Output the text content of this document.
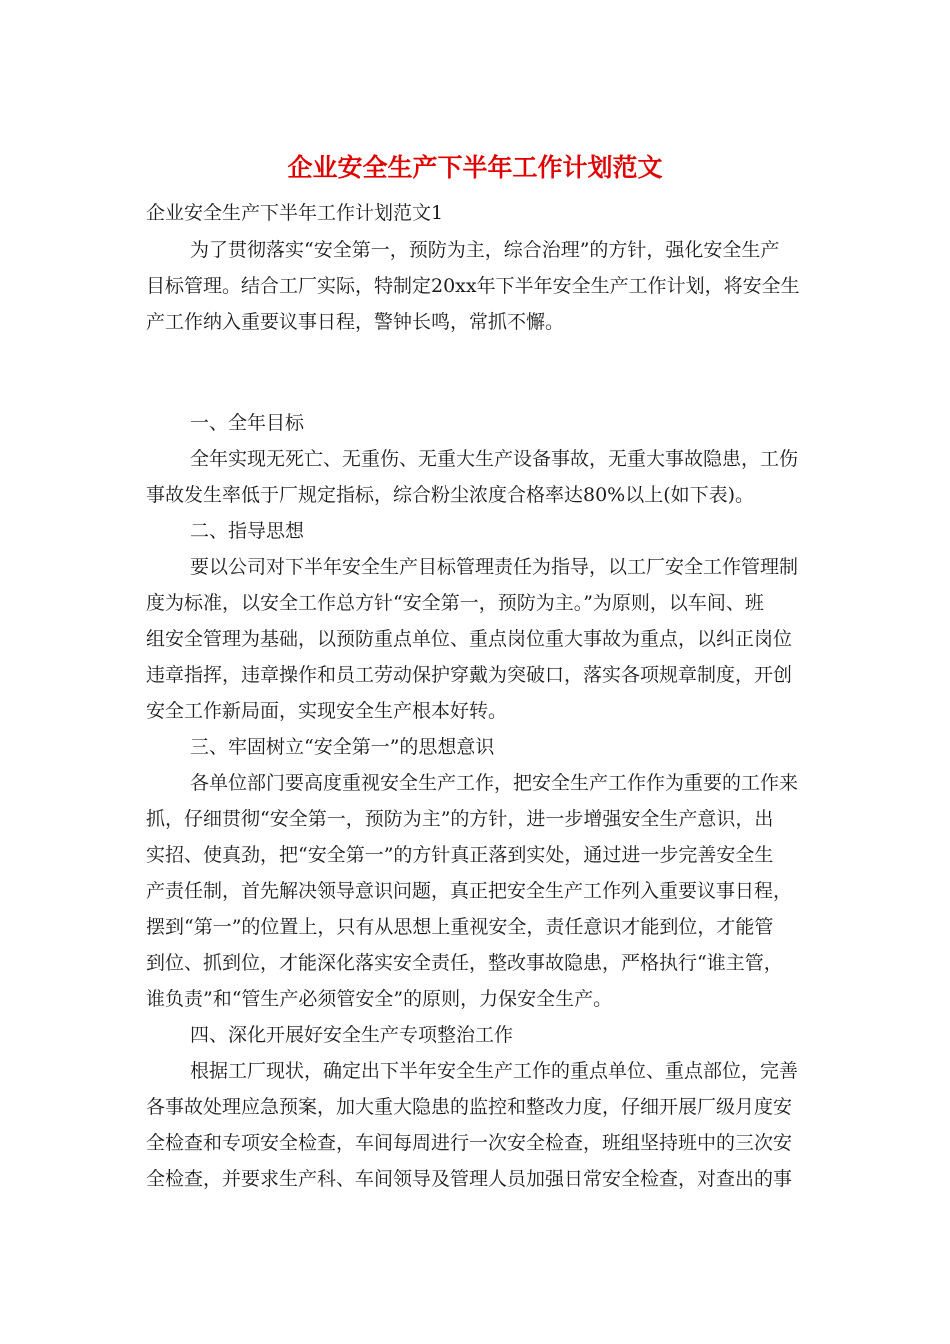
企业安全生产下半年工作计划范文
企业安全生产下半年工作计划范文1
为了贯彻落实“安全第一，预防为主，综合治理”的方针，强化安全生产
目标管理。结合工厂实际，特制定20xx年下半年安全生产工作计划，将安全生
产工作纳入重要议事日程，警钟长鸣，常抓不懈。
一、全年目标
全年实现无死亡、无重伤、无重大生产设备事故，无重大事故隐患，工伤
事故发生率低于厂规定指标，综合粉尘浓度合格率达80%以上(如下表)。
二、指导思想
要以公司对下半年安全生产目标管理责任为指导，以工厂安全工作管理制
度为标准，以安全工作总方针“安全第一，预防为主。”为原则，以车间、班
组安全管理为基础，以预防重点单位、重点岗位重大事故为重点，以纠正岗位
违章指挥，违章操作和员工劳动保护穿戴为突破口，落实各项规章制度，开创
安全工作新局面，实现安全生产根本好转。
三、牢固树立“安全第一”的思想意识
各单位部门要高度重视安全生产工作，把安全生产工作作为重要的工作来
抓，仔细贯彻“安全第一，预防为主”的方针，进一步增强安全生产意识，出
实招、使真劲，把“安全第一”的方针真正落到实处，通过进一步完善安全生
产责任制，首先解决领导意识问题，真正把安全生产工作列入重要议事日程，
摆到“第一”的位置上，只有从思想上重视安全，责任意识才能到位，才能管
到位、抓到位，才能深化落实安全责任，整改事故隐患，严格执行“谁主管，
谁负责”和“管生产必须管安全”的原则，力保安全生产。
四、深化开展好安全生产专项整治工作
根据工厂现状，确定出下半年安全生产工作的重点单位、重点部位，完善
各事故处理应急预案，加大重大隐患的监控和整改力度，仔细开展厂级月度安
全检查和专项安全检查，车间每周进行一次安全检查，班组坚持班中的三次安
全检查，并要求生产科、车间领导及管理人员加强日常安全检查，对查出的事
